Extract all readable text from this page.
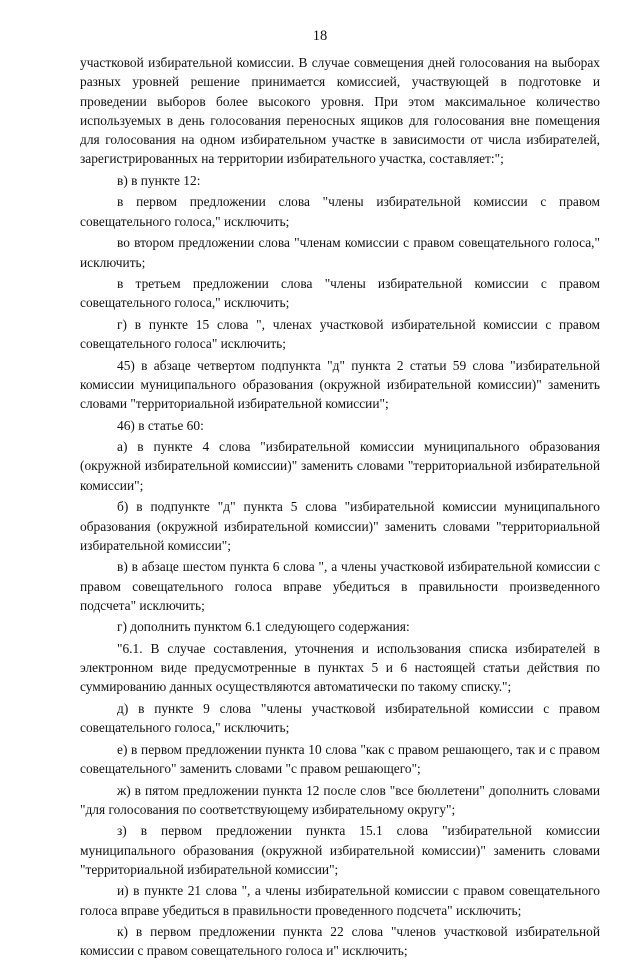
18

участковой избирательной комиссии. В случае совмещения дней голосования на выборах разных уровней решение принимается комиссией, участвующей в подготовке и проведении выборов более высокого уровня. При этом максимальное количество используемых в день голосования переносных ящиков для голосования вне помещения для голосования на одном избирательном участке в зависимости от числа избирателей, зарегистрированных на территории избирательного участка, составляет:";

в) в пункте 12:

в первом предложении слова "члены избирательной комиссии с правом совещательного голоса," исключить;

во втором предложении слова "членам комиссии с правом совещательного голоса," исключить;

в третьем предложении слова "члены избирательной комиссии с правом совещательного голоса," исключить;

г) в пункте 15 слова ", членах участковой избирательной комиссии с правом совещательного голоса" исключить;

45) в абзаце четвертом подпункта "д" пункта 2 статьи 59 слова "избирательной комиссии муниципального образования (окружной избирательной комиссии)" заменить словами "территориальной избирательной комиссии";

46) в статье 60:

а) в пункте 4 слова "избирательной комиссии муниципального образования (окружной избирательной комиссии)" заменить словами "территориальной избирательной комиссии";

б) в подпункте "д" пункта 5 слова "избирательной комиссии муниципального образования (окружной избирательной комиссии)" заменить словами "территориальной избирательной комиссии";

в) в абзаце шестом пункта 6 слова ", а члены участковой избирательной комиссии с правом совещательного голоса вправе убедиться в правильности произведенного подсчета" исключить;

г) дополнить пунктом 6.1 следующего содержания:

"6.1. В случае составления, уточнения и использования списка избирателей в электронном виде предусмотренные в пунктах 5 и 6 настоящей статьи действия по суммированию данных осуществляются автоматически по такому списку.";

д) в пункте 9 слова "члены участковой избирательной комиссии с правом совещательного голоса," исключить;

е) в первом предложении пункта 10 слова "как с правом решающего, так и с правом совещательного" заменить словами "с правом решающего";

ж) в пятом предложении пункта 12 после слов "все бюллетени" дополнить словами "для голосования по соответствующему избирательному округу";

з) в первом предложении пункта 15.1 слова "избирательной комиссии муниципального образования (окружной избирательной комиссии)" заменить словами "территориальной избирательной комиссии";

и) в пункте 21 слова ", а члены избирательной комиссии с правом совещательного голоса вправе убедиться в правильности проведенного подсчета" исключить;

к) в первом предложении пункта 22 слова "членов участковой избирательной комиссии с правом совещательного голоса и" исключить;
